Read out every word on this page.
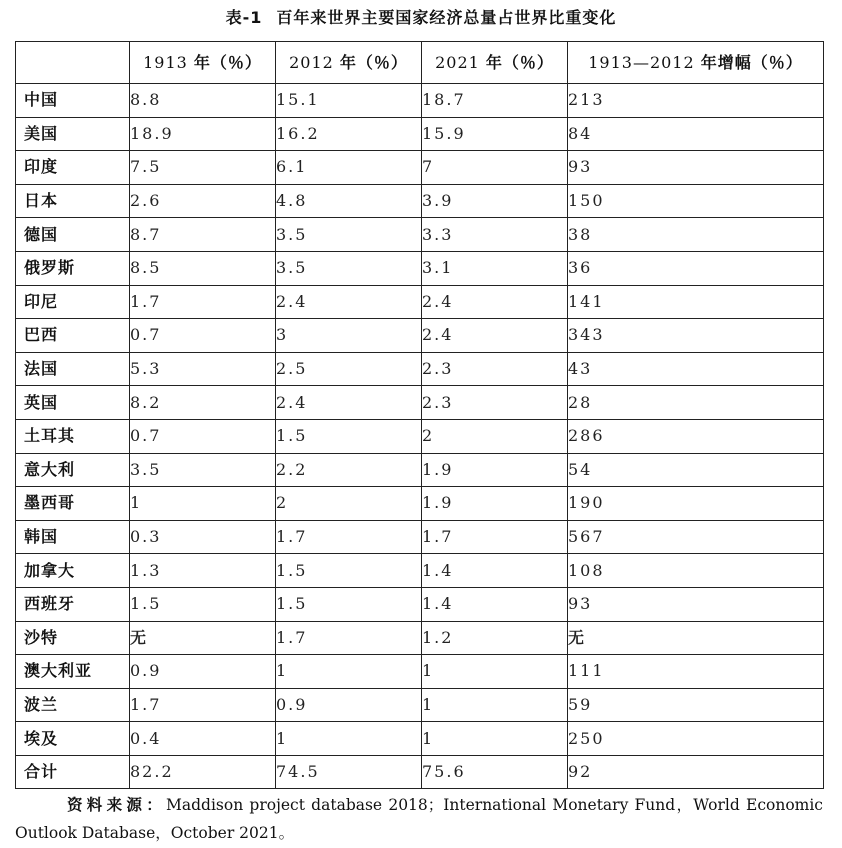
表-1 百年来世界主要国家经济总量占世界比重变化
	1913 年（％）	2012 年（％）	2021 年（％）	1913—2012 年增幅（％）
中国	8.8	15.1	18.7	213
美国	18.9	16.2	15.9	84
印度	7.5	6.1	7	93
日本	2.6	4.8	3.9	150
德国	8.7	3.5	3.3	38
俄罗斯	8.5	3.5	3.1	36
印尼	1.7	2.4	2.4	141
巴西	0.7	3	2.4	343
法国	5.3	2.5	2.3	43
英国	8.2	2.4	2.3	28
土耳其	0.7	1.5	2	286
意大利	3.5	2.2	1.9	54
墨西哥	1	2	1.9	190
韩国	0.3	1.7	1.7	567
加拿大	1.3	1.5	1.4	108
西班牙	1.5	1.5	1.4	93
沙特	无	1.7	1.2	无
澳大利亚	0.9	1	1	111
波兰	1.7	0.9	1	59
埃及	0.4	1	1	250
合计	82.2	74.5	75.6	92
资料来源：Maddison project database 2018；International Monetary Fund，World Economic Outlook Database，October 2021。
